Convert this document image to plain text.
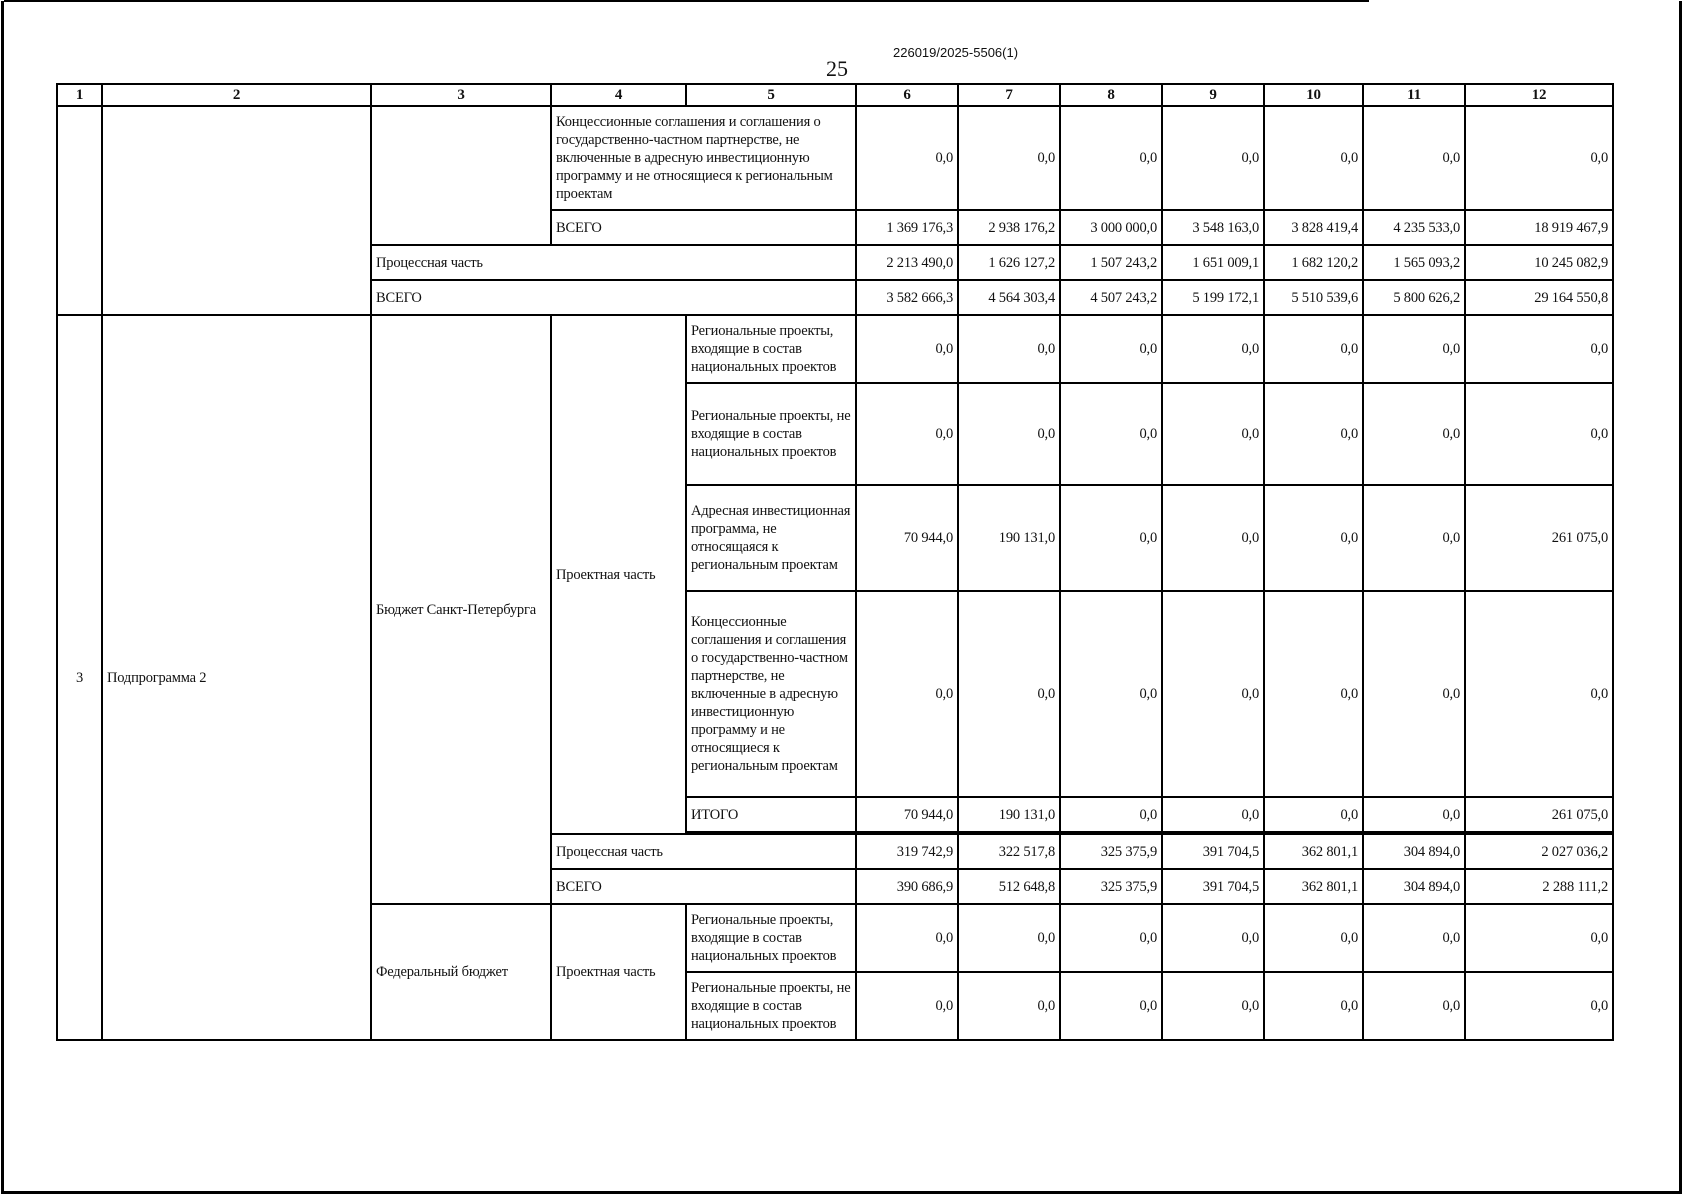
226019/2025-5506(1)
25
1	2	3	4	5	6	7	8	9	10	11	12
			Концессионные соглашения и соглашения о государственно-частном партнерстве, не включенные в адресную инвестиционную программу и не относящиеся к региональным проектам		0,0	0,0	0,0	0,0	0,0	0,0	0,0
			ВСЕГО		1 369 176,3	2 938 176,2	3 000 000,0	3 548 163,0	3 828 419,4	4 235 533,0	18 919 467,9
		Процессная часть			2 213 490,0	1 626 127,2	1 507 243,2	1 651 009,1	1 682 120,2	1 565 093,2	10 245 082,9
		ВСЕГО			3 582 666,3	4 564 303,4	4 507 243,2	5 199 172,1	5 510 539,6	5 800 626,2	29 164 550,8
3	Подпрограмма 2	Бюджет Санкт-Петербурга	Проектная часть	Региональные проекты, входящие в состав национальных проектов	0,0	0,0	0,0	0,0	0,0	0,0	0,0
				Региональные проекты, не входящие в состав национальных проектов	0,0	0,0	0,0	0,0	0,0	0,0	0,0
				Адресная инвестиционная программа, не относящаяся к региональным проектам	70 944,0	190 131,0	0,0	0,0	0,0	0,0	261 075,0
				Концессионные соглашения и соглашения о государственно-частном партнерстве, не включенные в адресную инвестиционную программу и не относящиеся к региональным проектам	0,0	0,0	0,0	0,0	0,0	0,0	0,0
				ИТОГО	70 944,0	190 131,0	0,0	0,0	0,0	0,0	261 075,0

			Процессная часть		319 742,9	322 517,8	325 375,9	391 704,5	362 801,1	304 894,0	2 027 036,2
			ВСЕГО		390 686,9	512 648,8	325 375,9	391 704,5	362 801,1	304 894,0	2 288 111,2
		Федеральный бюджет	Проектная часть	Региональные проекты, входящие в состав национальных проектов	0,0	0,0	0,0	0,0	0,0	0,0	0,0
				Региональные проекты, не входящие в состав национальных проектов	0,0	0,0	0,0	0,0	0,0	0,0	0,0
